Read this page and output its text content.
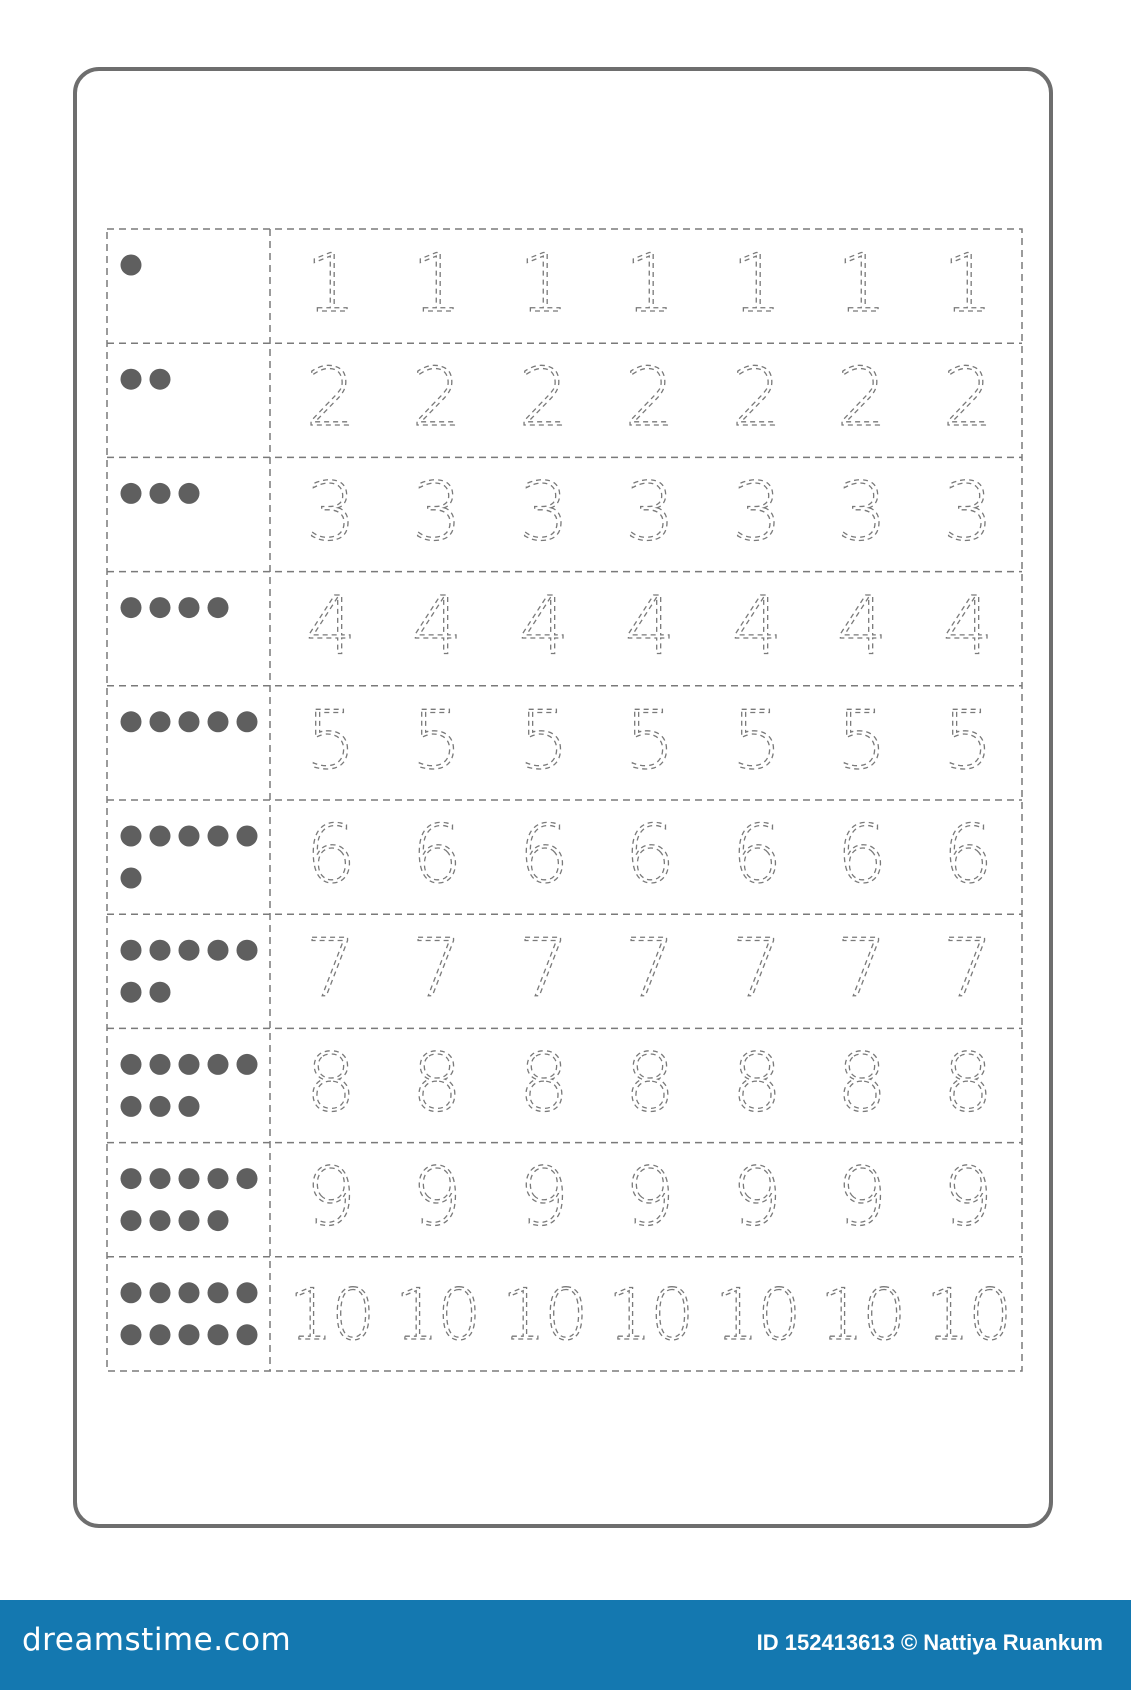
1 1 1 1 1 1 1
2 2 2 2 2 2 2
3 3 3 3 3 3 3
4 4 4 4 4 4 4
5 5 5 5 5 5 5
6 6 6 6 6 6 6
7 7 7 7 7 7 7
8 8 8 8 8 8 8
9 9 9 9 9 9 9
10 10 10 10 10 10 10
dreamstime.com	ID 152413613 © Nattiya Ruankum
